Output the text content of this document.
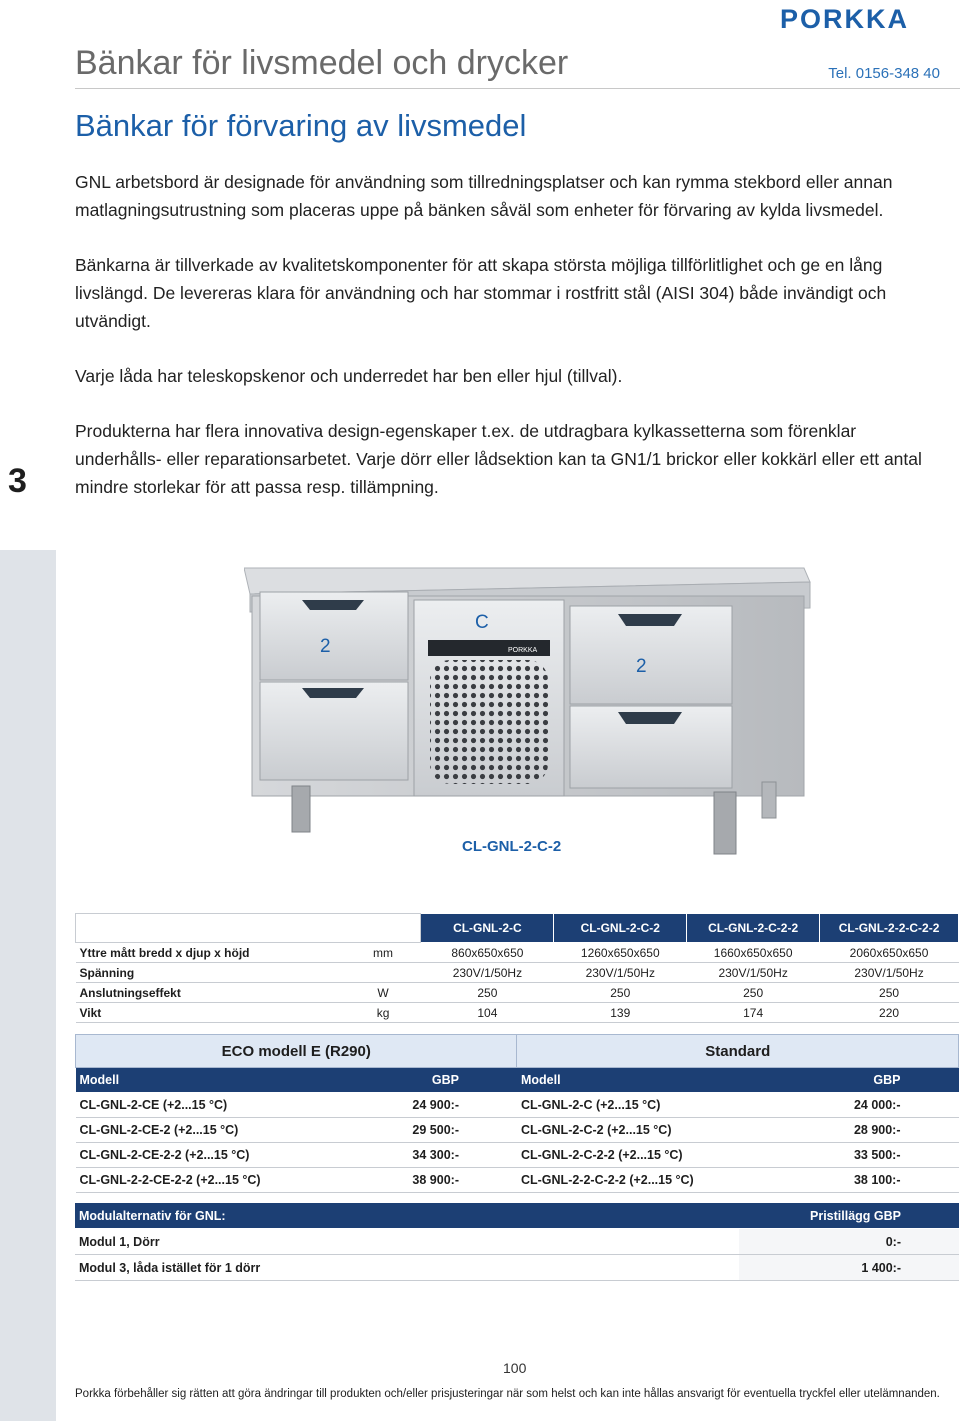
PORKKA
Bänkar för livsmedel och drycker	Tel. 0156-348 40
Bänkar för förvaring av livsmedel

GNL arbetsbord är designade för användning som tillredningsplatser och kan rymma stekbord eller annan matlagningsutrustning som placeras uppe på bänken såväl som enheter för förvaring av kylda livsmedel.

Bänkarna är tillverkade av kvalitetskomponenter för att skapa största möjliga tillförlitlighet och ge en lång livslängd. De levereras klara för användning och har stommar i rostfritt stål (AISI 304) både invändigt och utvändigt.

Varje låda har teleskopskenor och underredet har ben eller hjul (tillval).

Produkterna har flera innovativa design-egenskaper t.ex. de utdragbara kylkassetterna som förenklar underhålls- eller reparationsarbetet. Varje dörr eller lådsektion kan ta GN1/1 brickor eller kokkärl eller ett antal mindre storlekar för att passa resp. tillämpning.

3
PORKKA
2
C
2
CL-GNL-2-C-2
		CL-GNL-2-C	CL-GNL-2-C-2	CL-GNL-2-C-2-2	CL-GNL-2-2-C-2-2
Yttre mått bredd x djup x höjd	mm	860x650x650	1260x650x650	1660x650x650	2060x650x650
Spänning		230V/1/50Hz	230V/1/50Hz	230V/1/50Hz	230V/1/50Hz
Anslutningseffekt	W	250	250	250	250
Vikt	kg	104	139	174	220
ECO modell E (R290)		Standard	
Modell	GBP	Modell	GBP
CL-GNL-2-CE (+2...15 °C)	24 900:-	CL-GNL-2-C (+2...15 °C)	24 000:-
CL-GNL-2-CE-2 (+2...15 °C)	29 500:-	CL-GNL-2-C-2 (+2...15 °C)	28 900:-
CL-GNL-2-CE-2-2 (+2...15 °C)	34 300:-	CL-GNL-2-C-2-2 (+2...15 °C)	33 500:-
CL-GNL-2-2-CE-2-2 (+2...15 °C)	38 900:-	CL-GNL-2-2-C-2-2 (+2...15 °C)	38 100:-
Modulalternativ för GNL:	Pristillägg GBP
Modul 1, Dörr	0:-
Modul 3, låda istället för 1 dörr	1 400:-
100
Porkka förbehåller sig rätten att göra ändringar till produkten och/eller prisjusteringar när som helst och kan inte hållas ansvarigt för eventuella tryckfel eller utelämnanden.
